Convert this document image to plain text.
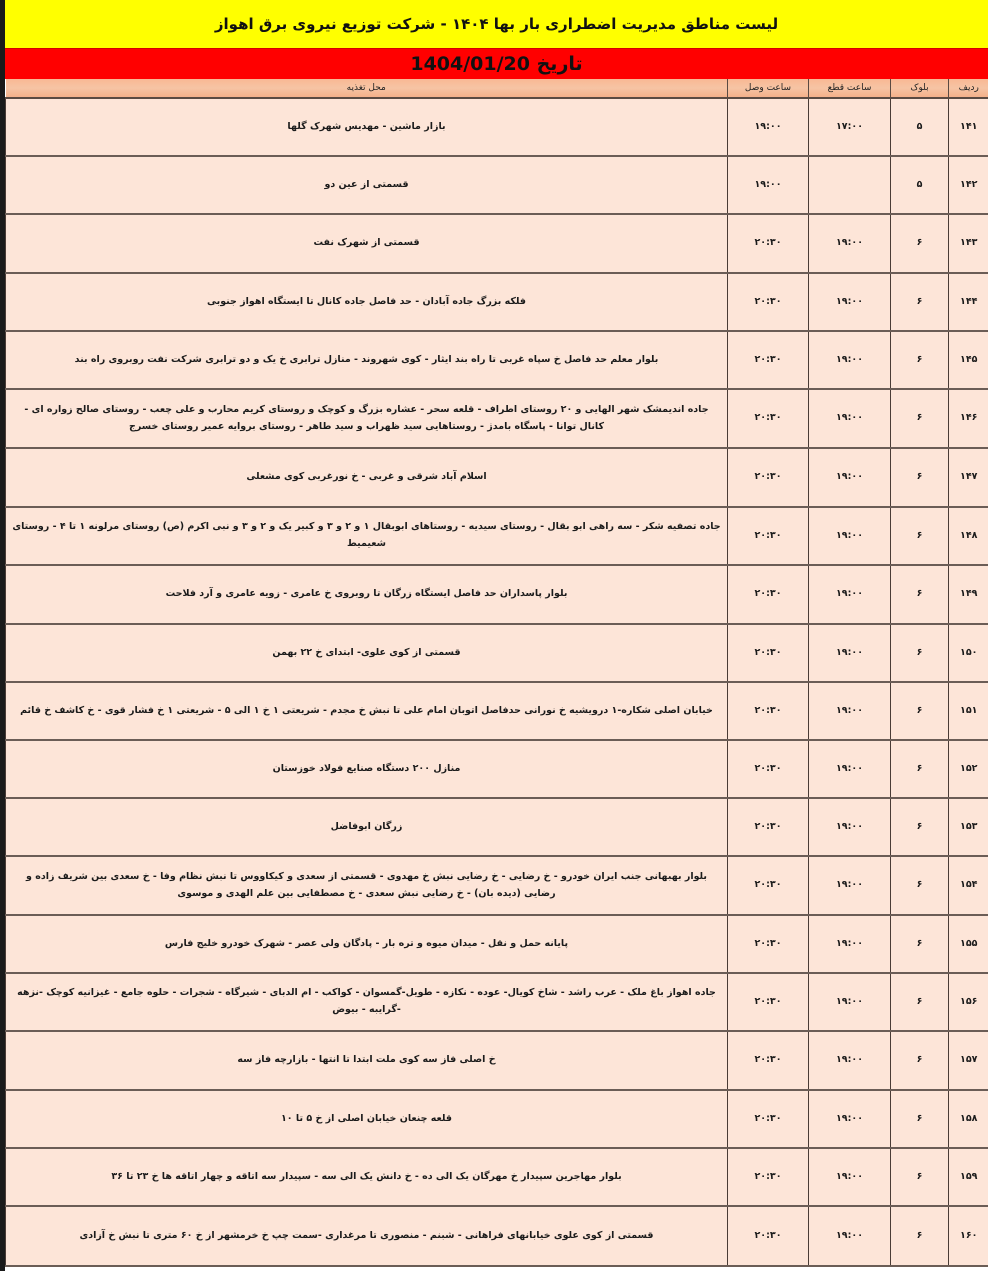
لیست مناطق مدیریت اضطراری بار بها ۱۴۰۴ - شرکت توزیع نیروی برق اهواز
تاریخ 1404/01/20
ردیف	بلوک	ساعت قطع	ساعت وصل	محل تغذیه
۱۴۱	۵	۱۷:۰۰	۱۹:۰۰	بازار ماشین - مهدیس شهرک گلها
۱۴۲	۵		۱۹:۰۰	قسمتی از عین دو
۱۴۳	۶	۱۹:۰۰	۲۰:۳۰	قسمتی از شهرک نفت
۱۴۴	۶	۱۹:۰۰	۲۰:۳۰	فلکه بزرگ جاده آبادان - حد فاصل جاده کانال تا ایستگاه اهواز جنوبی
۱۴۵	۶	۱۹:۰۰	۲۰:۳۰	بلوار معلم حد فاصل خ سپاه غربی تا راه بند ایثار - کوی شهروند - منازل ترابری خ یک و دو ترابری شرکت نفت روبروی راه بند
۱۴۶	۶	۱۹:۰۰	۲۰:۳۰	جاده اندیمشک شهر الهایی و ۲۰ روستای اطراف - قلعه سحر - عشاره بزرگ و کوچک و روستای کریم محارب و علی چعب - روستای صالح زواره ای - کانال توانا - پاسگاه بامدژ - روستاهایی سید ظهراب و سید طاهر - روستای بروایه عمیر روستای خسرج
۱۴۷	۶	۱۹:۰۰	۲۰:۳۰	اسلام آباد شرقی و غربی - خ نورغربی کوی مشعلی
۱۴۸	۶	۱۹:۰۰	۲۰:۳۰	جاده تصفیه شکر - سه راهی ابو بقال - روستای سیدیه - روستاهای ابوبقال ۱ و ۲ و ۳ و کبیر یک و ۲ و ۳ و نبی اکرم (ص) روستای مرلونه ۱ تا ۴ - روستای شعیمیط
۱۴۹	۶	۱۹:۰۰	۲۰:۳۰	بلوار پاسداران حد فاصل ایستگاه زرگان تا روبروی خ عامری - زویه عامری و آرد فلاحت
۱۵۰	۶	۱۹:۰۰	۲۰:۳۰	قسمتی از کوی علوی- ابتدای خ ۲۲ بهمن
۱۵۱	۶	۱۹:۰۰	۲۰:۳۰	خیابان اصلی شکاره-۱ درویشیه خ نورانی حدفاصل اتوبان امام علی تا نبش خ مجدم - شریعتی ۱ خ ۱ الی ۵ - شریعتی ۱ خ فشار قوی - خ کاشف خ قائم
۱۵۲	۶	۱۹:۰۰	۲۰:۳۰	منازل ۲۰۰ دستگاه صنایع فولاد خوزستان
۱۵۳	۶	۱۹:۰۰	۲۰:۳۰	زرگان ابوفاضل
۱۵۴	۶	۱۹:۰۰	۲۰:۳۰	بلوار بهبهانی جنب ایران خودرو - خ رضایی - خ رضایی نبش خ مهدوی - قسمتی از سعدی و کیکاووس تا نبش نظام وفا - خ سعدی بین شریف زاده و رضایی (دیده بان) - خ رضایی نبش سعدی - خ مصطفایی بین علم الهدی و موسوی
۱۵۵	۶	۱۹:۰۰	۲۰:۳۰	پایانه حمل و نقل - میدان میوه و تره بار - پادگان ولی عصر - شهرک خودرو خلیج فارس
۱۵۶	۶	۱۹:۰۰	۲۰:۳۰	جاده اهواز باغ ملک - عرب راشد - شاخ کویال- عوده - نکازه - طویل-گمسوان - کواکب - ام الدبای - شیرگاه - شجرات - حلوه جامع - غیزانیه کوچک -نزهه -گرایبه - بیوض
۱۵۷	۶	۱۹:۰۰	۲۰:۳۰	خ اصلی فاز سه کوی ملت ابتدا تا انتها - بازارچه فاز سه
۱۵۸	۶	۱۹:۰۰	۲۰:۳۰	قلعه چنعان خیابان اصلی از خ ۵ تا ۱۰
۱۵۹	۶	۱۹:۰۰	۲۰:۳۰	بلوار مهاجرین سپیدار خ مهرگان یک الی ده - خ دانش یک الی سه - سپیدار سه اتاقه و چهار اتاقه ها خ ۲۳ تا ۳۶
۱۶۰	۶	۱۹:۰۰	۲۰:۳۰	قسمتی از کوی علوی خیابانهای فراهانی - شبنم - منصوری تا مرغداری -سمت چپ خ خرمشهر از خ ۶۰ متری تا نبش خ آزادی
